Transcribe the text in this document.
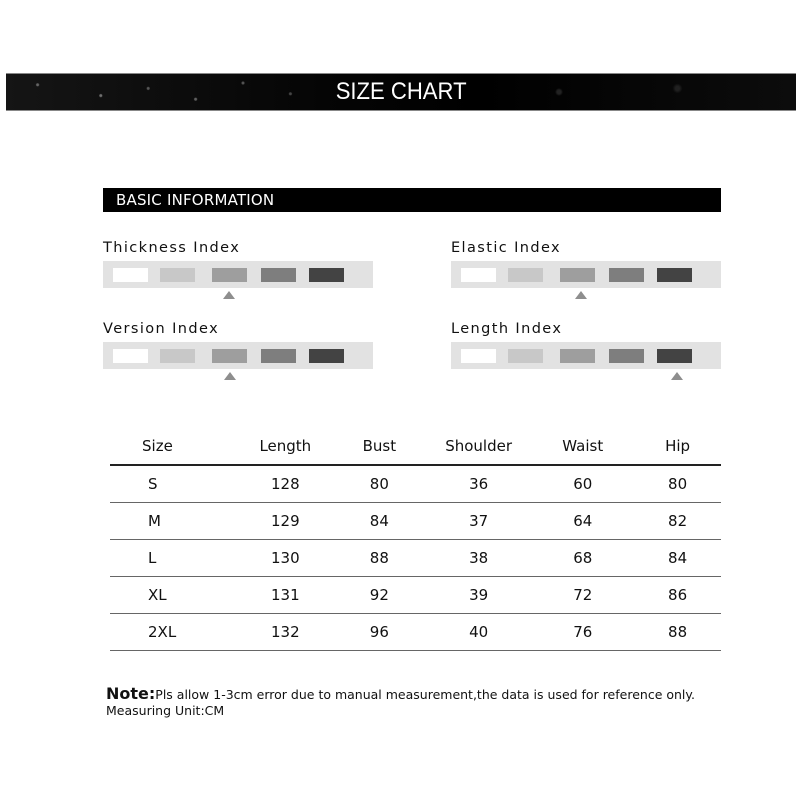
SIZE CHART
BASIC INFORMATION
Thickness Index	Elastic Index
Version Index	Length Index
Size	Length	Bust	Shoulder	Waist	Hip
S	128	80	36	60	80
M	129	84	37	64	82
L	130	88	38	68	84
XL	131	92	39	72	86
2XL	132	96	40	76	88
Note:Pls allow 1-3cm error due to manual measurement,the data is used for reference only.
Measuring Unit:CM
